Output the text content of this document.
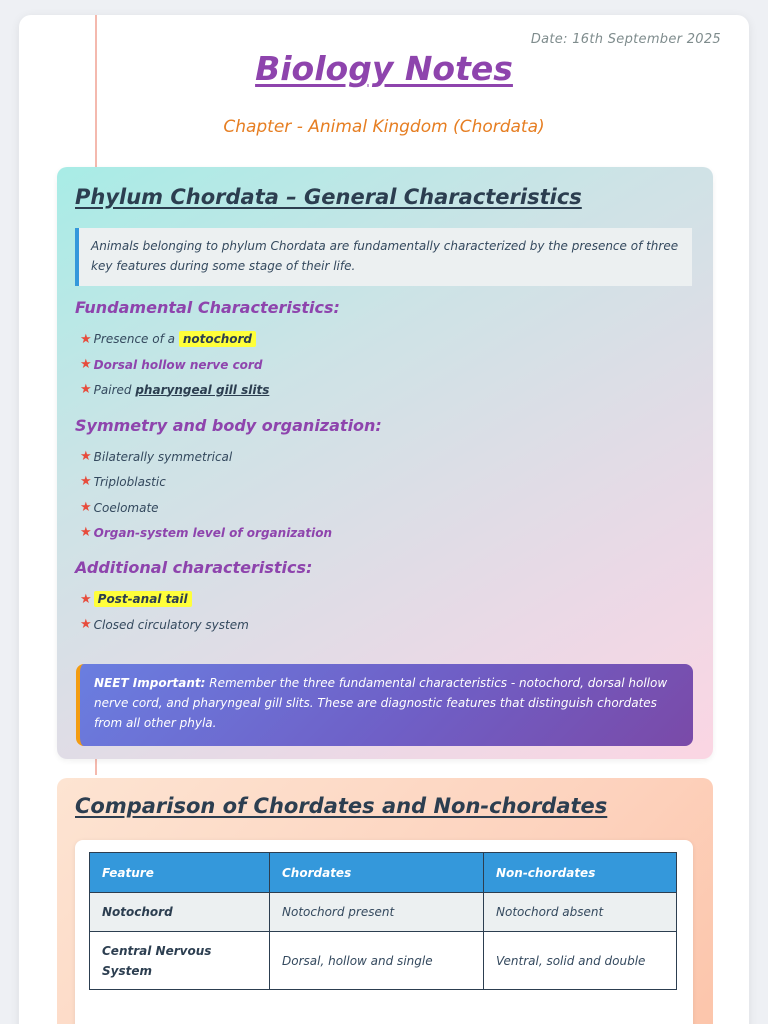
Date: 16th September 2025
Biology Notes
Chapter - Animal Kingdom (Chordata)
Phylum Chordata – General Characteristics
Animals belonging to phylum Chordata are fundamentally characterized by the presence of three key features during some stage of their life.
Fundamental Characteristics:
★ Presence of a
notochord
★ Dorsal hollow nerve cord
★ Paired
pharyngeal gill slits
Symmetry and body organization:
★ Bilaterally symmetrical
★ Triploblastic
★ Coelomate
★ Organ-system level of organization
Additional characteristics:
★ Post-anal tail
★ Closed circulatory system
NEET Important: Remember the three fundamental characteristics - notochord, dorsal hollow nerve cord, and pharyngeal gill slits. These are diagnostic features that distinguish chordates from all other phyla.
Comparison of Chordates and Non-chordates
Feature	Chordates	Non-chordates
Notochord	Notochord present	Notochord absent
Central Nervous System	Dorsal, hollow and single	Ventral, solid and double
